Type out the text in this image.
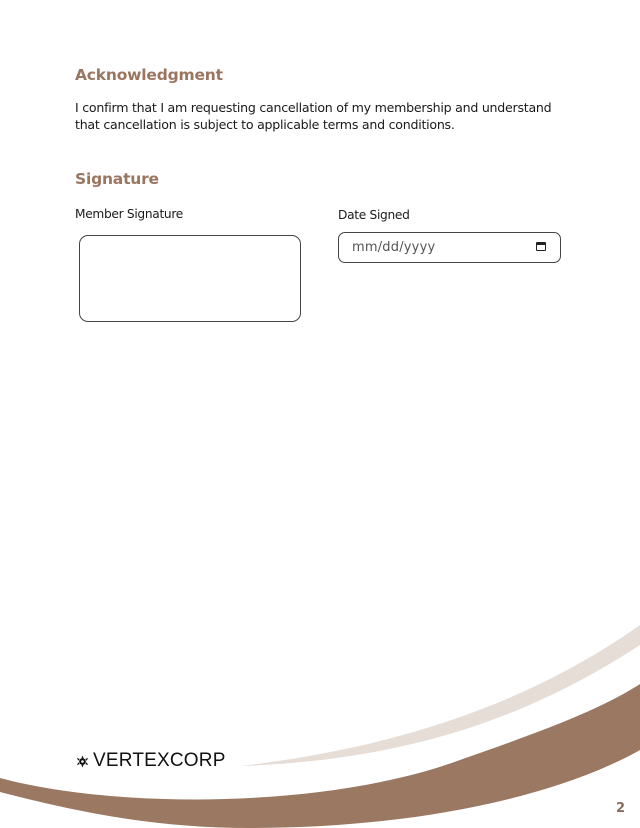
Acknowledgment

I confirm that I am requesting cancellation of my membership and understand that cancellation is subject to applicable terms and conditions.

Signature
Member Signature	Date Signed
mm/dd/yyyy
VERTEXCORP
2
